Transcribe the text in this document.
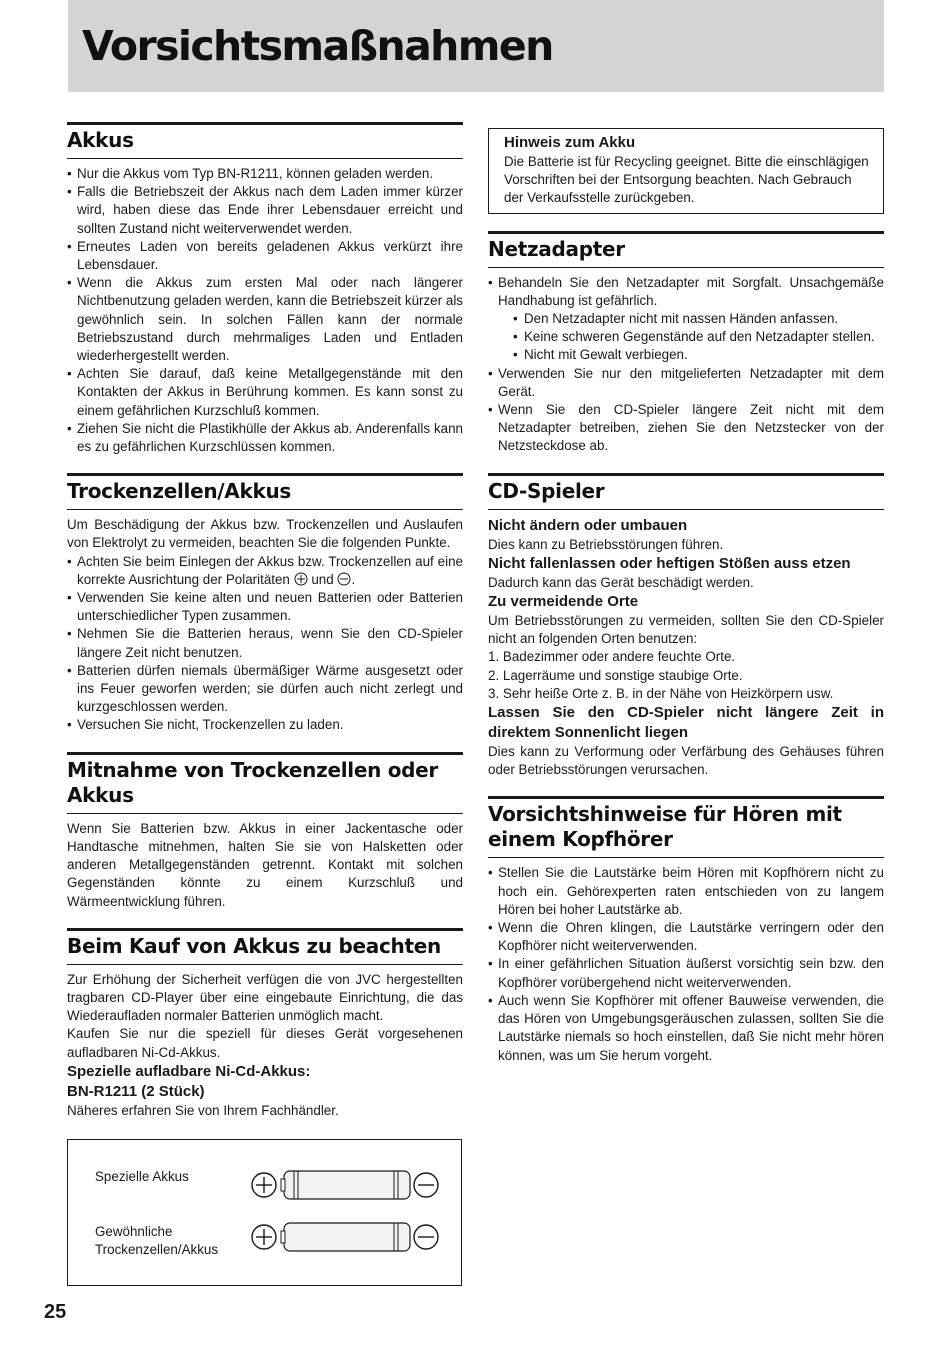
Vorsichtsmaßnahmen
Akkus
• Nur die Akkus vom Typ BN-R1211, können geladen werden.
• Falls die Betriebszeit der Akkus nach dem Laden immer kürzer wird, haben diese das Ende ihrer Lebensdauer erreicht und sollten Zustand nicht weiterverwendet werden.
• Erneutes Laden von bereits geladenen Akkus verkürzt ihre Lebensdauer.
• Wenn die Akkus zum ersten Mal oder nach längerer Nichtbenutzung geladen werden, kann die Betriebszeit kürzer als gewöhnlich sein. In solchen Fällen kann der normale Betriebszustand durch mehrmaliges Laden und Entladen wiederhergestellt werden.
• Achten Sie darauf, daß keine Metallgegenstände mit den Kontakten der Akkus in Berührung kommen. Es kann sonst zu einem gefährlichen Kurzschluß kommen.
• Ziehen Sie nicht die Plastikhülle der Akkus ab. Anderenfalls kann es zu gefährlichen Kurzschlüssen kommen.
Trockenzellen/Akkus

Um Beschädigung der Akkus bzw. Trockenzellen und Auslaufen von Elektrolyt zu vermeiden, beachten Sie die folgenden Punkte.

• Achten Sie beim Einlegen der Akkus bzw. Trockenzellen auf eine korrekte Ausrichtung der Polaritäten und .
• Verwenden Sie keine alten und neuen Batterien oder Batterien unterschiedlicher Typen zusammen.
• Nehmen Sie die Batterien heraus, wenn Sie den CD-Spieler längere Zeit nicht benutzen.
• Batterien dürfen niemals übermäßiger Wärme ausgesetzt oder ins Feuer geworfen werden; sie dürfen auch nicht zerlegt und kurzgeschlossen werden.
• Versuchen Sie nicht, Trockenzellen zu laden.
Mitnahme von Trockenzellen oder Akkus

Wenn Sie Batterien bzw. Akkus in einer Jackentasche oder Handtasche mitnehmen, halten Sie sie von Halsketten oder anderen Metallgegenständen getrennt. Kontakt mit solchen Gegenständen könnte zu einem Kurzschluß und Wärmeentwicklung führen.

Beim Kauf von Akkus zu beachten

Zur Erhöhung der Sicherheit verfügen die von JVC hergestellten tragbaren CD-Player über eine eingebaute Einrichtung, die das Wiederaufladen normaler Batterien unmöglich macht.

Kaufen Sie nur die speziell für dieses Gerät vorgesehenen aufladbaren Ni-Cd-Akkus.

Spezielle aufladbare Ni-Cd-Akkus:

BN-R1211 (2 Stück)

Näheres erfahren Sie von Ihrem Fachhändler.

Spezielle Akkus
Gewöhnliche Trockenzellen/Akkus

Hinweis zum Akku

Die Batterie ist für Recycling geeignet. Bitte die einschlägigen Vorschriften bei der Entsorgung beachten. Nach Gebrauch der Verkaufsstelle zurückgeben.

Netzadapter
• Behandeln Sie den Netzadapter mit Sorgfalt. Unsachgemäße Handhabung ist gefährlich.
• Den Netzadapter nicht mit nassen Händen anfassen.
• Keine schweren Gegenstände auf den Netzadapter stellen.
• Nicht mit Gewalt verbiegen.
• Verwenden Sie nur den mitgelieferten Netzadapter mit dem Gerät.
• Wenn Sie den CD-Spieler längere Zeit nicht mit dem Netzadapter betreiben, ziehen Sie den Netzstecker von der Netzsteckdose ab.
CD-Spieler

Nicht ändern oder umbauen

Dies kann zu Betriebsstörungen führen.

Nicht fallenlassen oder heftigen Stößen auss etzen

Dadurch kann das Gerät beschädigt werden.

Zu vermeidende Orte

Um Betriebsstörungen zu vermeiden, sollten Sie den CD-Spieler nicht an folgenden Orten benutzen:

1. Badezimmer oder andere feuchte Orte.

2. Lagerräume und sonstige staubige Orte.

3. Sehr heiße Orte z. B. in der Nähe von Heizkörpern usw.

Lassen Sie den CD-Spieler nicht längere Zeit in direktem Sonnenlicht liegen

Dies kann zu Verformung oder Verfärbung des Gehäuses führen oder Betriebsstörungen verursachen.

Vorsichtshinweise für Hören mit einem Kopfhörer
• Stellen Sie die Lautstärke beim Hören mit Kopfhörern nicht zu hoch ein. Gehörexperten raten entschieden von zu langem Hören bei hoher Lautstärke ab.
• Wenn die Ohren klingen, die Lautstärke verringern oder den Kopfhörer nicht weiterverwenden.
• In einer gefährlichen Situation äußerst vorsichtig sein bzw. den Kopfhörer vorübergehend nicht weiterverwenden.
• Auch wenn Sie Kopfhörer mit offener Bauweise verwenden, die das Hören von Umgebungsgeräuschen zulassen, sollten Sie die Lautstärke niemals so hoch einstellen, daß Sie nicht mehr hören können, was um Sie herum vorgeht.
25
